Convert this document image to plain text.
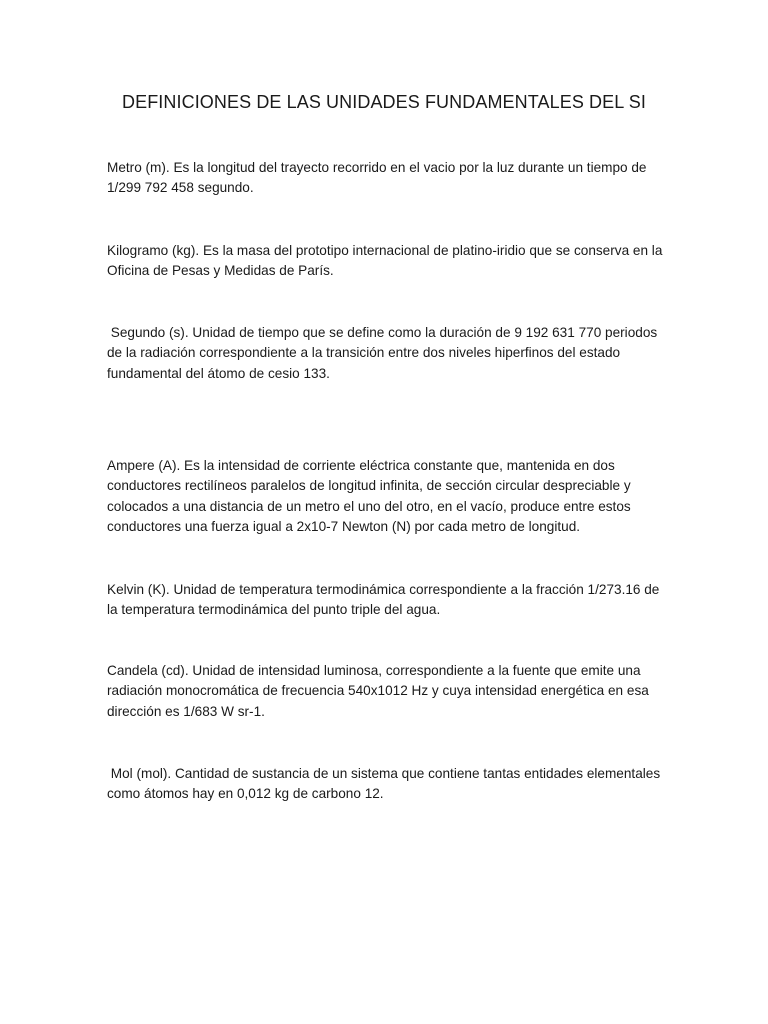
DEFINICIONES DE LAS UNIDADES FUNDAMENTALES DEL SI

Metro (m). Es la longitud del trayecto recorrido en el vacio por la luz durante un tiempo de 1/299 792 458 segundo.

Kilogramo (kg). Es la masa del prototipo internacional de platino-iridio que se conserva en la Oficina de Pesas y Medidas de París.

Segundo (s). Unidad de tiempo que se define como la duración de 9 192 631 770 periodos de la radiación correspondiente a la transición entre dos niveles hiperfinos del estado fundamental del átomo de cesio 133.

Ampere (A). Es la intensidad de corriente eléctrica constante que, mantenida en dos conductores rectilíneos paralelos de longitud infinita, de sección circular despreciable y colocados a una distancia de un metro el uno del otro, en el vacío, produce entre estos conductores una fuerza igual a 2x10-7 Newton (N) por cada metro de longitud.

Kelvin (K). Unidad de temperatura termodinámica correspondiente a la fracción 1/273.16 de la temperatura termodinámica del punto triple del agua.

Candela (cd). Unidad de intensidad luminosa, correspondiente a la fuente que emite una radiación monocromática de frecuencia 540x1012 Hz y cuya intensidad energética en esa dirección es 1/683 W sr-1.

Mol (mol). Cantidad de sustancia de un sistema que contiene tantas entidades elementales como átomos hay en 0,012 kg de carbono 12.
